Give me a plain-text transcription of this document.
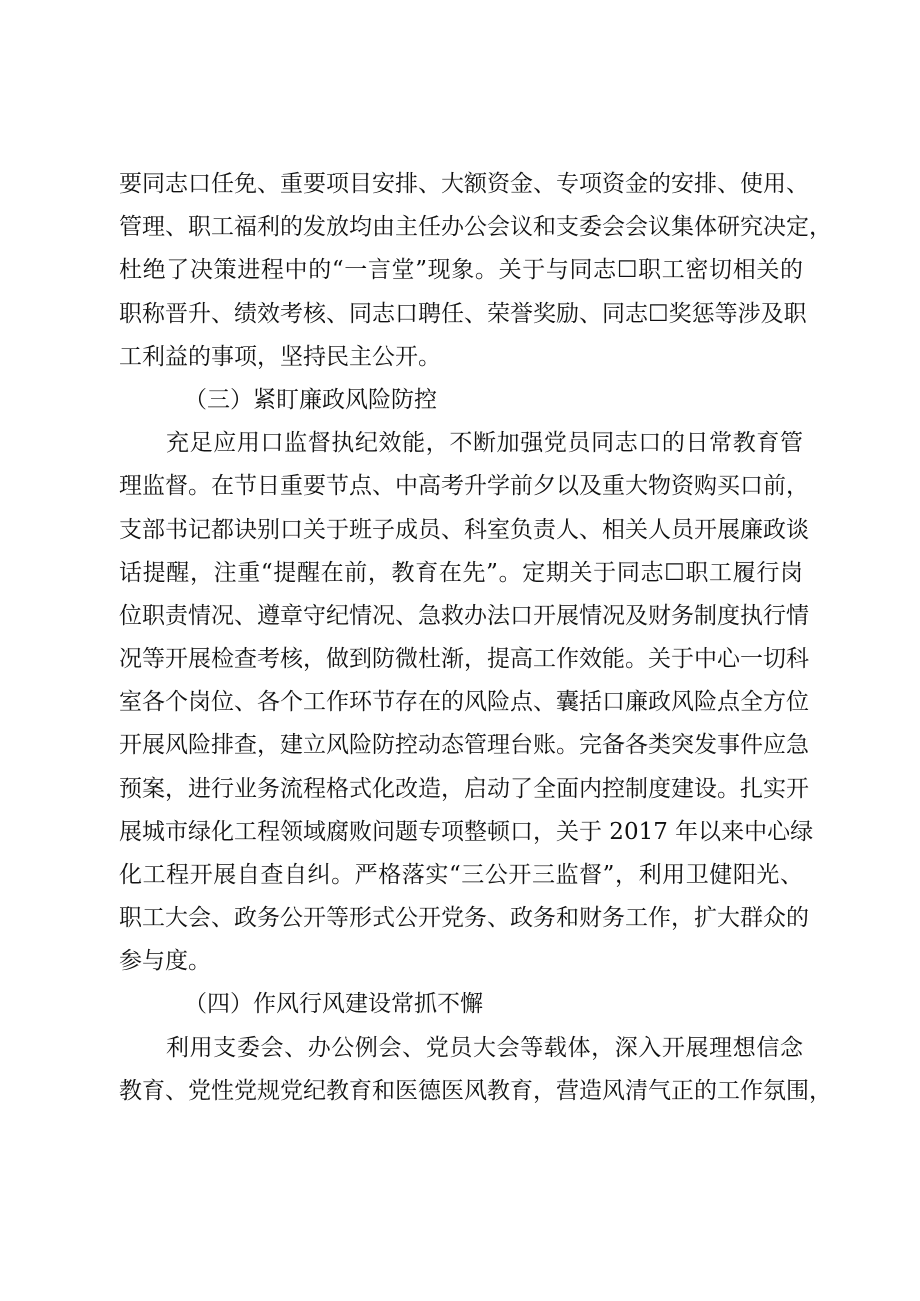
要同志口任免、重要项目安排、大额资金、专项资金的安排、使用、
管理、职工福利的发放均由主任办公会议和支委会会议集体研究决定，
杜绝了决策进程中的“一言堂”现象。关于与同志☐职工密切相关的
职称晋升、绩效考核、同志口聘任、荣誉奖励、同志☐奖惩等涉及职
工利益的事项，坚持民主公开。
（三）紧盯廉政风险防控
充足应用口监督执纪效能，不断加强党员同志口的日常教育管
理监督。在节日重要节点、中高考升学前夕以及重大物资购买口前，
支部书记都诀别口关于班子成员、科室负责人、相关人员开展廉政谈
话提醒，注重“提醒在前，教育在先”。定期关于同志☐职工履行岗
位职责情况、遵章守纪情况、急救办法口开展情况及财务制度执行情
况等开展检查考核，做到防微杜渐，提高工作效能。关于中心一切科
室各个岗位、各个工作环节存在的风险点、囊括口廉政风险点全方位
开展风险排查，建立风险防控动态管理台账。完备各类突发事件应急
预案，进行业务流程格式化改造，启动了全面内控制度建设。扎实开
展城市绿化工程领域腐败问题专项整顿口，关于 2017 年以来中心绿
化工程开展自查自纠。严格落实“三公开三监督”，利用卫健阳光、
职工大会、政务公开等形式公开党务、政务和财务工作，扩大群众的
参与度。
（四）作风行风建设常抓不懈
利用支委会、办公例会、党员大会等载体，深入开展理想信念
教育、党性党规党纪教育和医德医风教育，营造风清气正的工作氛围，
